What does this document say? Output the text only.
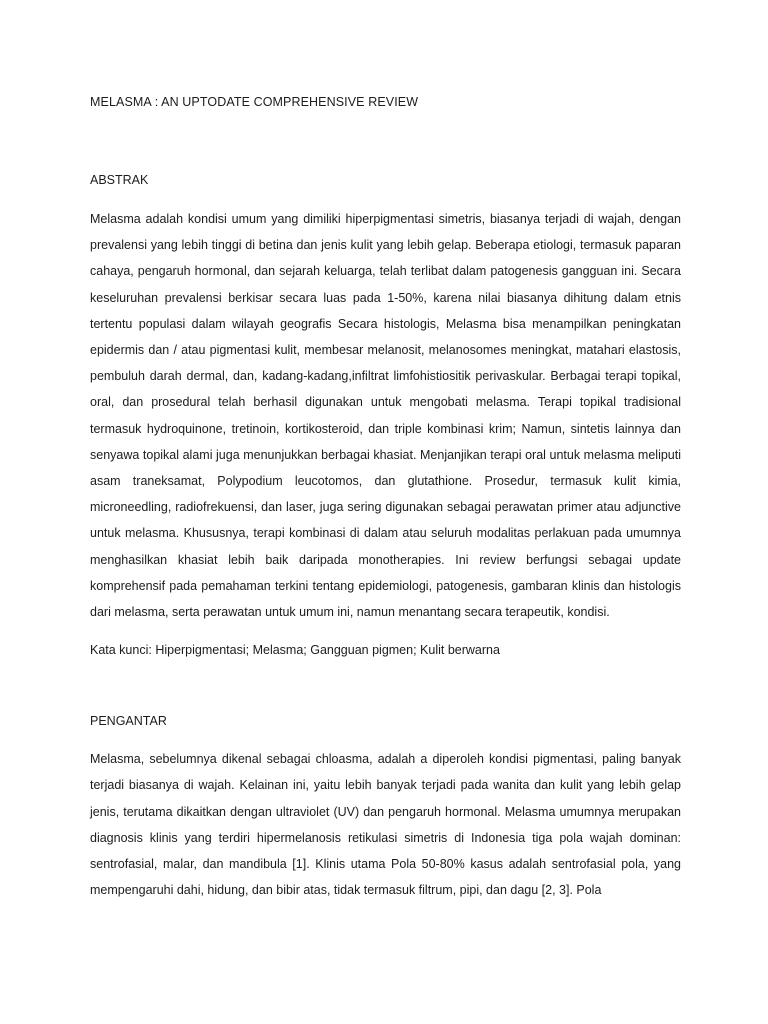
MELASMA : AN UPTODATE COMPREHENSIVE REVIEW
ABSTRAK

Melasma adalah kondisi umum yang dimiliki hiperpigmentasi simetris, biasanya terjadi di wajah, dengan prevalensi yang lebih tinggi di betina dan jenis kulit yang lebih gelap. Beberapa etiologi, termasuk paparan cahaya, pengaruh hormonal, dan sejarah keluarga, telah terlibat dalam patogenesis gangguan ini. Secara keseluruhan prevalensi berkisar secara luas pada 1-50%, karena nilai biasanya dihitung dalam etnis tertentu populasi dalam wilayah geografis Secara histologis, Melasma bisa menampilkan peningkatan epidermis dan / atau pigmentasi kulit, membesar melanosit, melanosomes meningkat, matahari elastosis, pembuluh darah dermal, dan, kadang-kadang,infiltrat limfohistiositik perivaskular. Berbagai terapi topikal, oral, dan prosedural telah berhasil digunakan untuk mengobati melasma. Terapi topikal tradisional termasuk hydroquinone, tretinoin, kortikosteroid, dan triple kombinasi krim; Namun, sintetis lainnya dan senyawa topikal alami juga menunjukkan berbagai khasiat. Menjanjikan terapi oral untuk melasma meliputi asam traneksamat, Polypodium leucotomos, dan glutathione. Prosedur, termasuk kulit kimia, microneedling, radiofrekuensi, dan laser, juga sering digunakan sebagai perawatan primer atau adjunctive untuk melasma. Khususnya, terapi kombinasi di dalam atau seluruh modalitas perlakuan pada umumnya menghasilkan khasiat lebih baik daripada monotherapies. Ini review berfungsi sebagai update komprehensif pada pemahaman terkini tentang epidemiologi, patogenesis, gambaran klinis dan histologis dari melasma, serta perawatan untuk umum ini, namun menantang secara terapeutik, kondisi.

Kata kunci: Hiperpigmentasi; Melasma; Gangguan pigmen; Kulit berwarna

PENGANTAR

Melasma, sebelumnya dikenal sebagai chloasma, adalah a diperoleh kondisi pigmentasi, paling banyak terjadi biasanya di wajah. Kelainan ini, yaitu lebih banyak terjadi pada wanita dan kulit yang lebih gelap jenis, terutama dikaitkan dengan ultraviolet (UV) dan pengaruh hormonal. Melasma umumnya merupakan diagnosis klinis yang terdiri hipermelanosis retikulasi simetris di Indonesia tiga pola wajah dominan: sentrofasial, malar, dan mandibula [1]. Klinis utama Pola 50-80% kasus adalah sentrofasial pola, yang mempengaruhi dahi, hidung, dan bibir atas, tidak termasuk filtrum, pipi, dan dagu [2, 3]. Pola
